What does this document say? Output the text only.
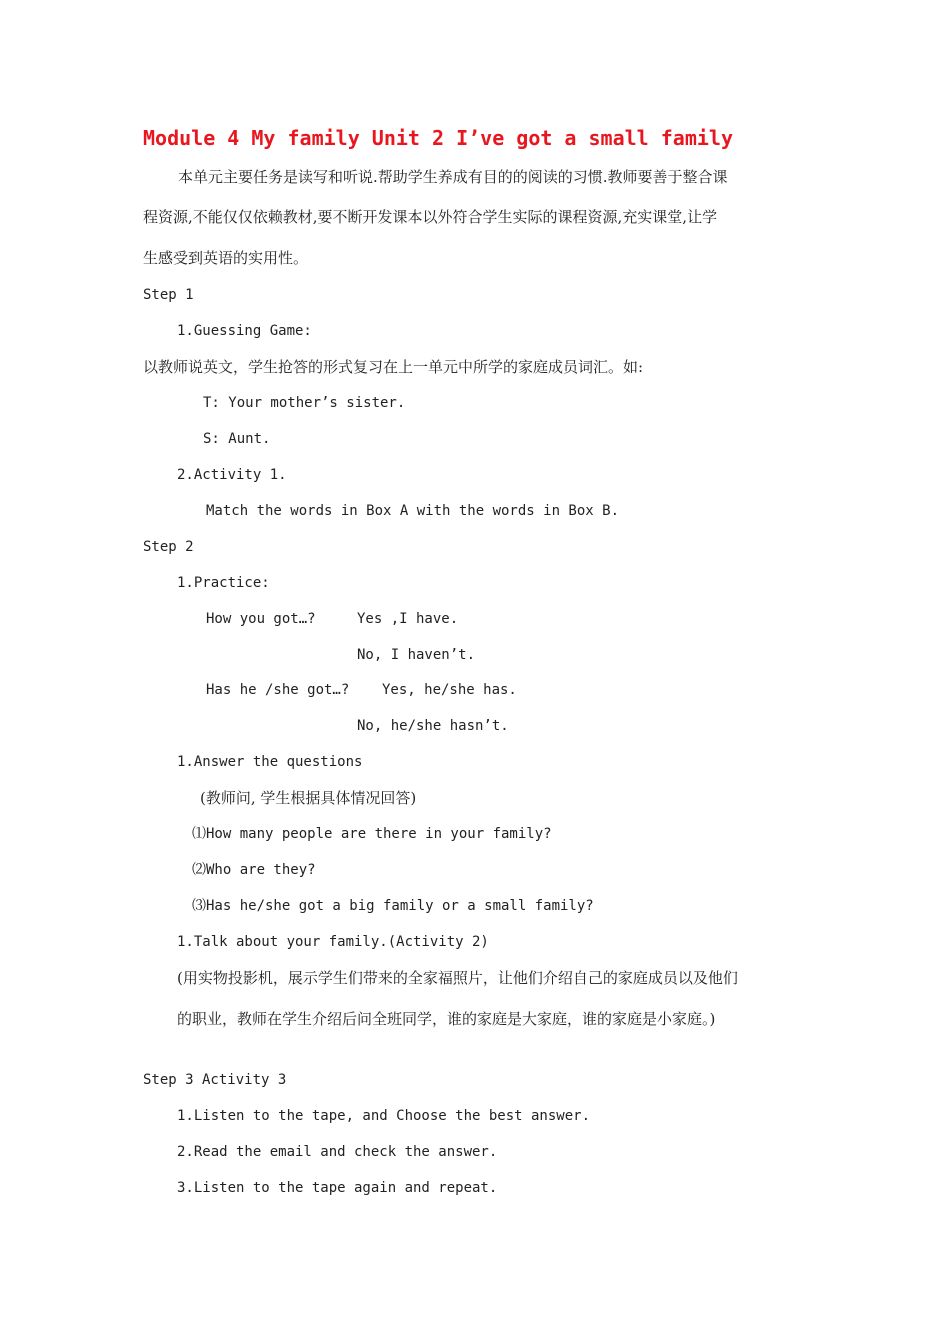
Module 4 My family Unit 2 I’ve got a small family
本单元主要任务是读写和听说.帮助学生养成有目的的阅读的习惯.教师要善于整合课
程资源,不能仅仅依赖教材,要不断开发课本以外符合学生实际的课程资源,充实课堂,让学
生感受到英语的实用性。
Step 1
1.Guessing Game:
以教师说英文，学生抢答的形式复习在上一单元中所学的家庭成员词汇。如:
T: Your mother’s sister.
S: Aunt.
2.Activity 1.
Match the words in Box A with the words in Box B.
Step 2
1.Practice:
How you got…?	Yes ,I have.
No, I haven’t.
Has he /she got…? Yes, he/she has.
No, he/she hasn’t.
1.Answer the questions
(教师问, 学生根据具体情况回答)
⑴How many people are there in your family?
⑵Who are they?
⑶Has he/she got a big family or a small family?
1.Talk about your family.(Activity 2)
(用实物投影机，展示学生们带来的全家福照片，让他们介绍自己的家庭成员以及他们
的职业，教师在学生介绍后问全班同学，谁的家庭是大家庭，谁的家庭是小家庭。)
Step 3 Activity 3
1.Listen to the tape, and Choose the best answer.
2.Read the email and check the answer.
3.Listen to the tape again and repeat.
